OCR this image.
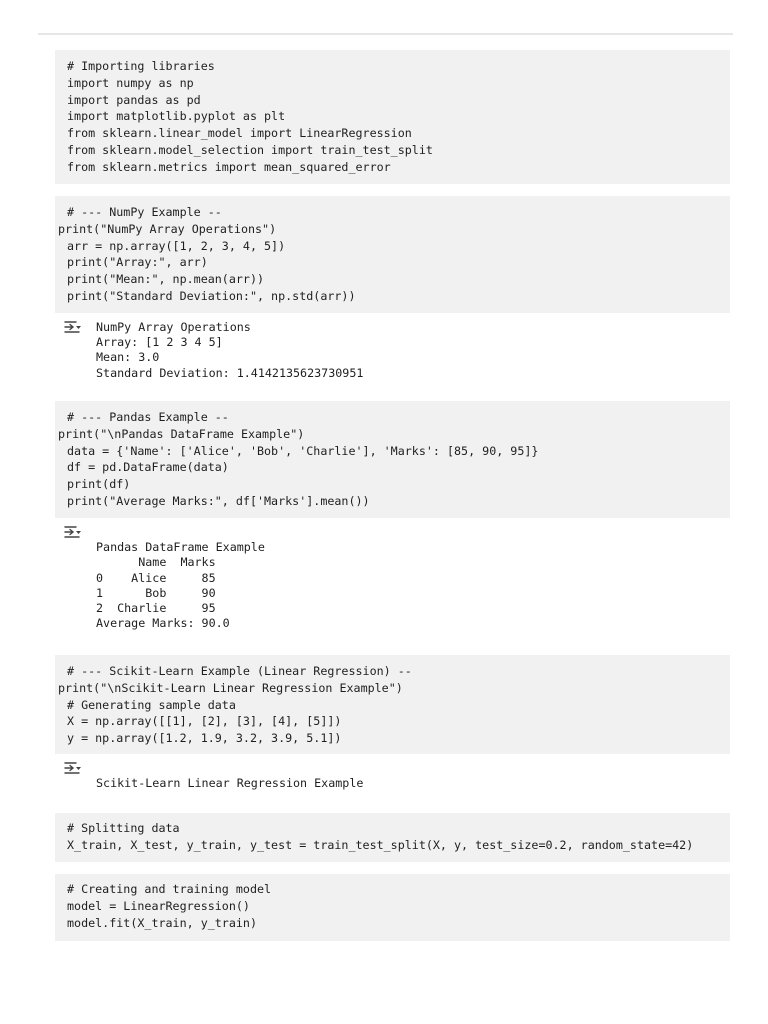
# Importing libraries
import numpy as np
import pandas as pd
import matplotlib.pyplot as plt
from sklearn.linear_model import LinearRegression
from sklearn.model_selection import train_test_split
from sklearn.metrics import mean_squared_error
# --- NumPy Example --
print("NumPy Array Operations")
arr = np.array([1, 2, 3, 4, 5])
print("Array:", arr)
print("Mean:", np.mean(arr))
print("Standard Deviation:", np.std(arr))
NumPy Array Operations
Array: [1 2 3 4 5]
Mean: 3.0
Standard Deviation: 1.4142135623730951
# --- Pandas Example --
print("\nPandas DataFrame Example")
data = {'Name': ['Alice', 'Bob', 'Charlie'], 'Marks': [85, 90, 95]}
df = pd.DataFrame(data)
print(df)
print("Average Marks:", df['Marks'].mean())
Pandas DataFrame Example
Name  Marks
0    Alice     85
1      Bob     90
2  Charlie     95
Average Marks: 90.0
# --- Scikit-Learn Example (Linear Regression) --
print("\nScikit-Learn Linear Regression Example")
# Generating sample data
X = np.array([[1], [2], [3], [4], [5]])
y = np.array([1.2, 1.9, 3.2, 3.9, 5.1])
Scikit-Learn Linear Regression Example
# Splitting data
X_train, X_test, y_train, y_test = train_test_split(X, y, test_size=0.2, random_state=42)
# Creating and training model
model = LinearRegression()
model.fit(X_train, y_train)
